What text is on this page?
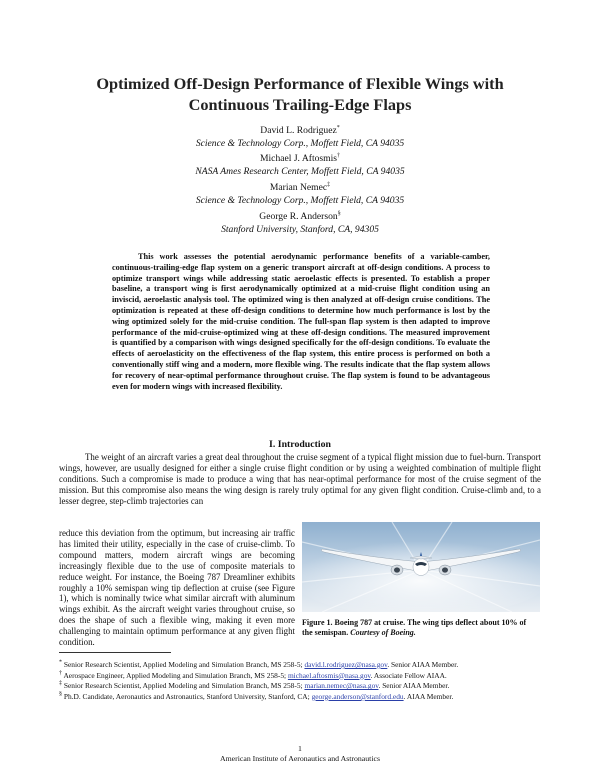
Optimized Off-Design Performance of Flexible Wings with
Continuous Trailing-Edge Flaps
David L. Rodriguez*
Science & Technology Corp., Moffett Field, CA 94035
Michael J. Aftosmis†
NASA Ames Research Center, Moffett Field, CA 94035
Marian Nemec‡
Science & Technology Corp., Moffett Field, CA 94035
George R. Anderson§
Stanford University, Stanford, CA, 94305
This work assesses the potential aerodynamic performance benefits of a variable-camber, continuous-trailing-edge flap system on a generic transport aircraft at off-design conditions. A process to optimize transport wings while addressing static aeroelastic effects is presented. To establish a proper baseline, a transport wing is first aerodynamically optimized at a mid-cruise flight condition using an inviscid, aeroelastic analysis tool. The optimized wing is then analyzed at off-design cruise conditions. The optimization is repeated at these off-design conditions to determine how much performance is lost by the wing optimized solely for the mid-cruise condition. The full-span flap system is then adapted to improve performance of the mid-cruise-optimized wing at these off-design conditions. The measured improvement is quantified by a comparison with wings designed specifically for the off-design conditions. To evaluate the effects of aeroelasticity on the effectiveness of the flap system, this entire process is performed on both a conventionally stiff wing and a modern, more flexible wing. The results indicate that the flap system allows for recovery of near-optimal performance throughout cruise. The flap system is found to be advantageous even for modern wings with increased flexibility.
I. Introduction
The weight of an aircraft varies a great deal throughout the cruise segment of a typical flight mission due to fuel-burn. Transport wings, however, are usually designed for either a single cruise flight condition or by using a weighted combination of multiple flight conditions. Such a compromise is made to produce a wing that has near-optimal performance for most of the cruise segment of the mission. But this compromise also means the wing design is rarely truly optimal for any given flight condition. Cruise-climb and, to a lesser degree, step-climb trajectories can
reduce this deviation from the optimum, but increasing air traffic has limited their utility, especially in the case of cruise-climb. To compound matters, modern aircraft wings are becoming increasingly flexible due to the use of composite materials to reduce weight. For instance, the Boeing 787 Dreamliner exhibits roughly a 10% semispan wing tip deflection at cruise (see Figure 1), which is nominally twice what similar aircraft with aluminum wings exhibit. As the aircraft weight varies throughout cruise, so does the shape of such a flexible wing, making it even more challenging to maintain optimum performance at any given flight condition.
Figure 1. Boeing 787 at cruise. The wing tips deflect about 10% of the semispan. Courtesy of Boeing.
* Senior Research Scientist, Applied Modeling and Simulation Branch, MS 258-5; david.l.rodriguez@nasa.gov. Senior AIAA Member.
† Aerospace Engineer, Applied Modeling and Simulation Branch, MS 258-5; michael.aftosmis@nasa.gov. Associate Fellow AIAA.
‡ Senior Research Scientist, Applied Modeling and Simulation Branch, MS 258-5; marian.nemec@nasa.gov. Senior AIAA Member.
§ Ph.D. Candidate, Aeronautics and Astronautics, Stanford University, Stanford, CA; george.anderson@stanford.edu. AIAA Member.
1
American Institute of Aeronautics and Astronautics
